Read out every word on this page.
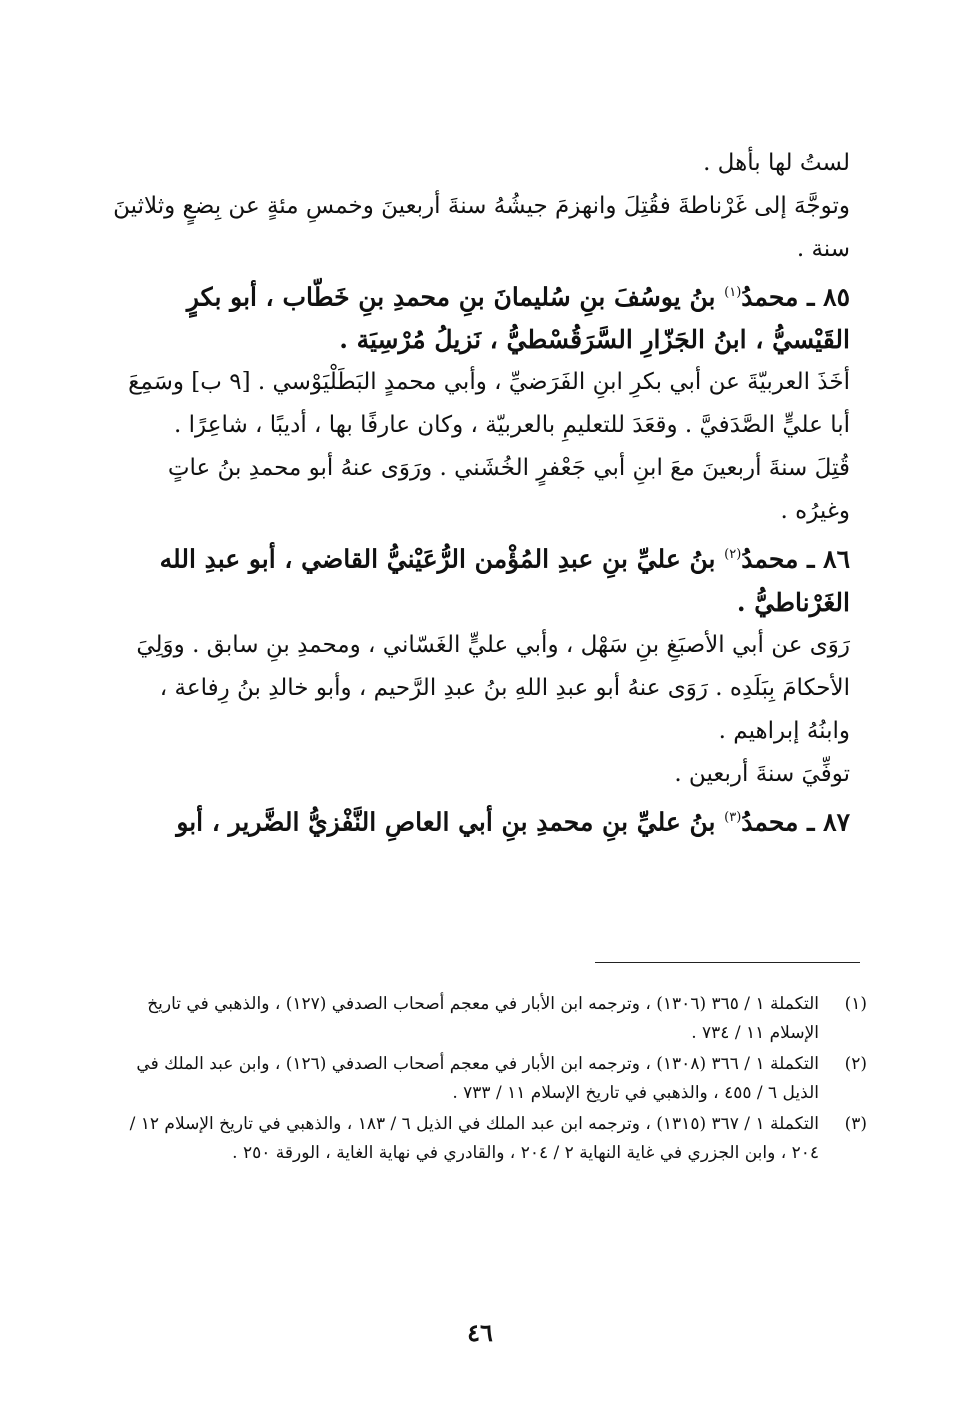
لستُ لها بأهل .

وتوجَّهَ إلى غَرْناطةَ فقُتِلَ وانهزمَ جيشُهُ سنةَ أربعينَ وخمسِ مئةٍ عن بِضعٍ وثلاثينَ سنة .

٨٥ ـ محمدُ$^{(١)}$ بنُ يوسُفَ بنِ سُليمانَ بنِ محمدِ بنِ خَطّاب ، أبو بكرٍ القَيْسيُّ ، ابنُ الجَزّارِ السَّرَقُسْطيُّ ، نَزيلُ مُرْسِيَة .

أخَذَ العربيّةَ عن أبي بكرِ ابنِ الفَرَضيِّ ، وأبي محمدٍ البَطَلْيَوْسي . [٩ ب] وسَمِعَ أبا عليٍّ الصَّدَفيَّ . وقعَدَ للتعليمِ بالعربيّة ، وكان عارفًا بها ، أديبًا ، شاعِرًا .

قُتِلَ سنةَ أربعينَ معَ ابنِ أبي جَعْفرٍ الخُشَني . ورَوَى عنهُ أبو محمدِ بنُ عاتٍ وغيرُه .

٨٦ ـ محمدُ$^{(٢)}$ بنُ عليِّ بنِ عبدِ المُؤْمن الرُّعَيْنيُّ القاضي ، أبو عبدِ الله الغَرْناطيُّ .

رَوَى عن أبي الأصبَغِ بنِ سَهْل ، وأبي عليٍّ الغَسّاني ، ومحمدِ بنِ سابق . ووَلِيَ الأحكامَ بِبَلَدِه . رَوَى عنهُ أبو عبدِ اللهِ بنُ عبدِ الرَّحيم ، وأبو خالدِ بنُ رِفاعة ، وابنُهُ إبراهيم .

توفِّيَ سنةَ أربعين .

٨٧ ـ محمدُ$^{(٣)}$ بنُ عليِّ بنِ محمدِ بنِ أبي العاصِ النَّفْزيُّ الضَّرير ، أبو

(١)
التكملة ١ / ٣٦٥ (١٣٠٦) ، وترجمه ابن الأبار في معجم أصحاب الصدفي (١٢٧) ، والذهبي في تاريخ الإسلام ١١ / ٧٣٤ .
(٢)
التكملة ١ / ٣٦٦ (١٣٠٨) ، وترجمه ابن الأبار في معجم أصحاب الصدفي (١٢٦) ، وابن عبد الملك في الذيل ٦ / ٤٥٥ ، والذهبي في تاريخ الإسلام ١١ / ٧٣٣ .
(٣)
التكملة ١ / ٣٦٧ (١٣١٥) ، وترجمه ابن عبد الملك في الذيل ٦ / ١٨٣ ، والذهبي في تاريخ الإسلام ١٢ / ٢٠٤ ، وابن الجزري في غاية النهاية ٢ / ٢٠٤ ، والقادري في نهاية الغاية ، الورقة ٢٥٠ .
٤٦
